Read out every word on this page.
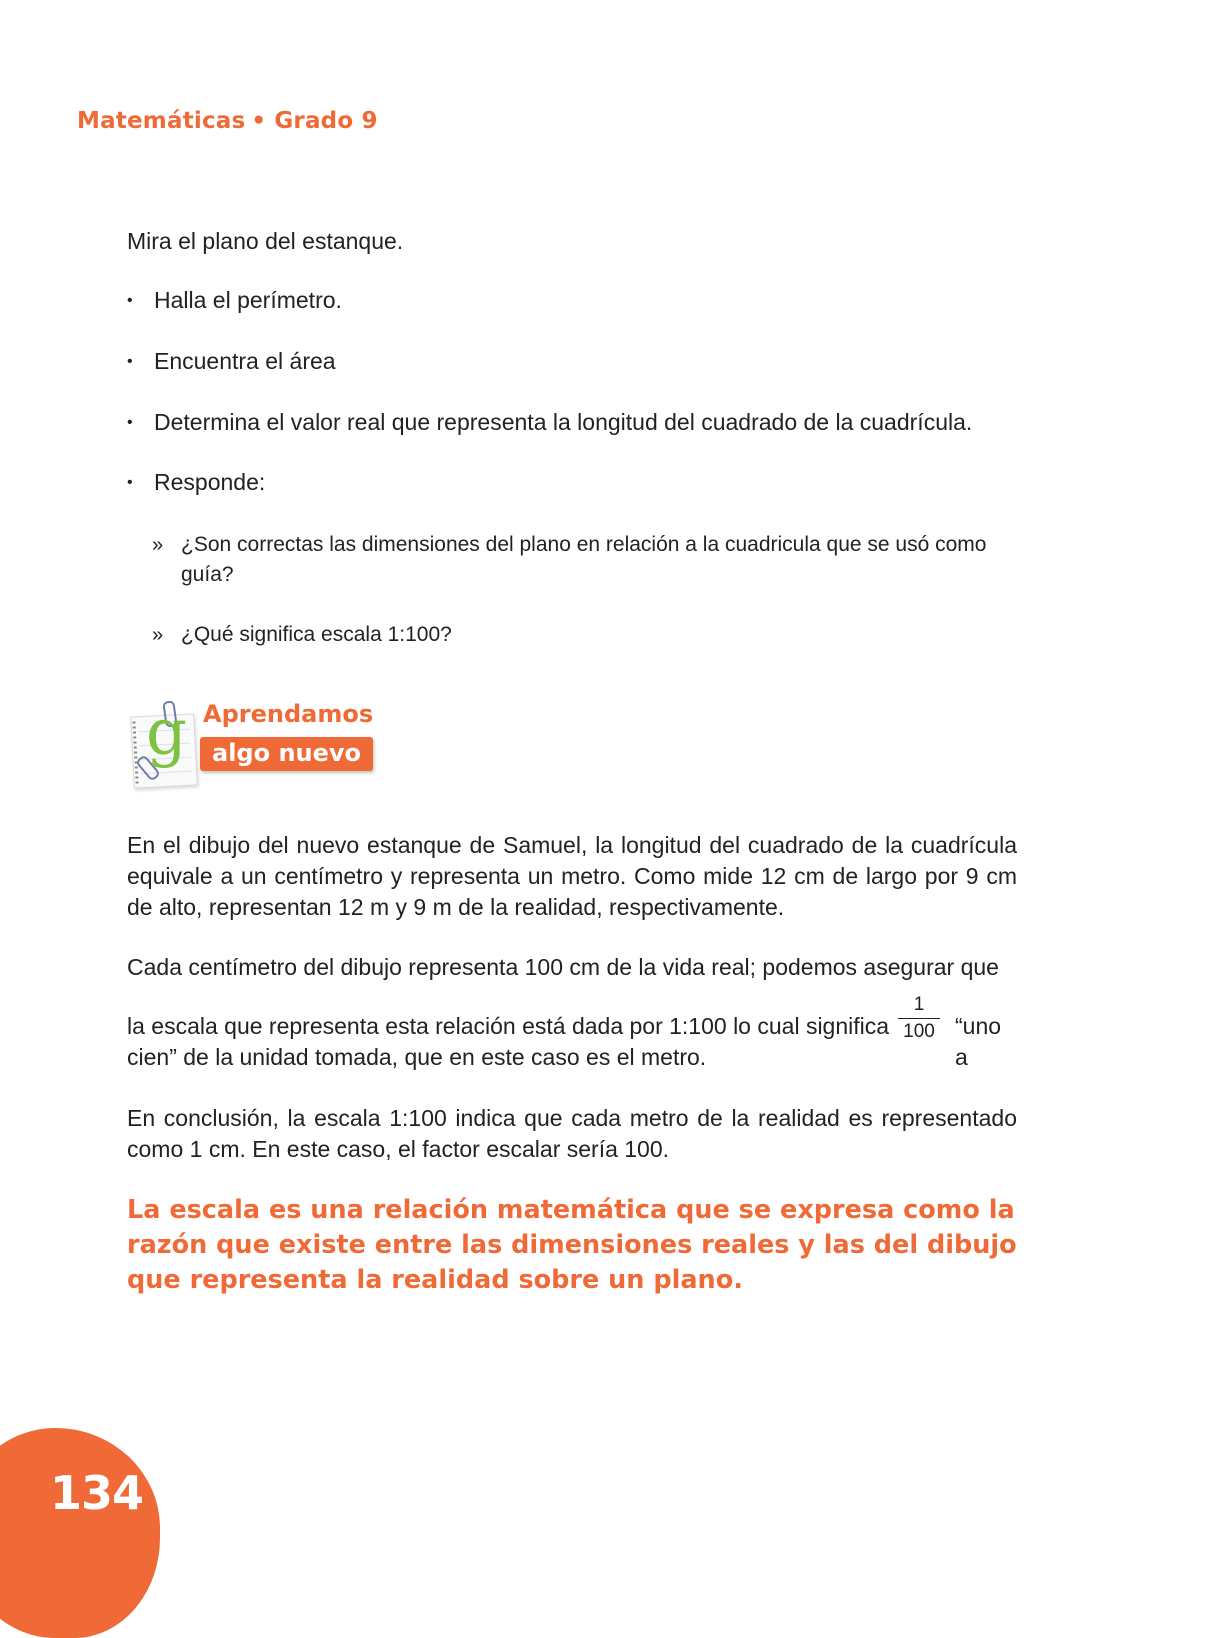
Matemáticas • Grado 9
Mira el plano del estanque.
• Halla el perímetro.
• Encuentra el área
• Determina el valor real que representa la longitud del cuadrado de la cuadrícula.
• Responde:
» ¿Son correctas las dimensiones del plano en relación a la cuadricula que se usó como guía?
» ¿Qué significa escala 1:100?
g Aprendamos
algo nuevo
En el dibujo del nuevo estanque de Samuel, la longitud del cuadrado de la cuadrícula equivale a un centímetro y representa un metro. Como mide 12 cm de largo por 9 cm de alto, representan 12 m y 9 m de la realidad, respectivamente.
Cada centímetro del dibujo representa 100 cm de la vida real; podemos asegurar que
la escala que representa esta relación está dada por 1:100 lo cual significa $\frac{1}{100}$ “uno a
cien” de la unidad tomada, que en este caso es el metro.
En conclusión, la escala 1:100 indica que cada metro de la realidad es representado como 1 cm. En este caso, el factor escalar sería 100.
La escala es una relación matemática que se expresa como la razón que existe entre las dimensiones reales y las del dibujo que representa la realidad sobre un plano.
134
